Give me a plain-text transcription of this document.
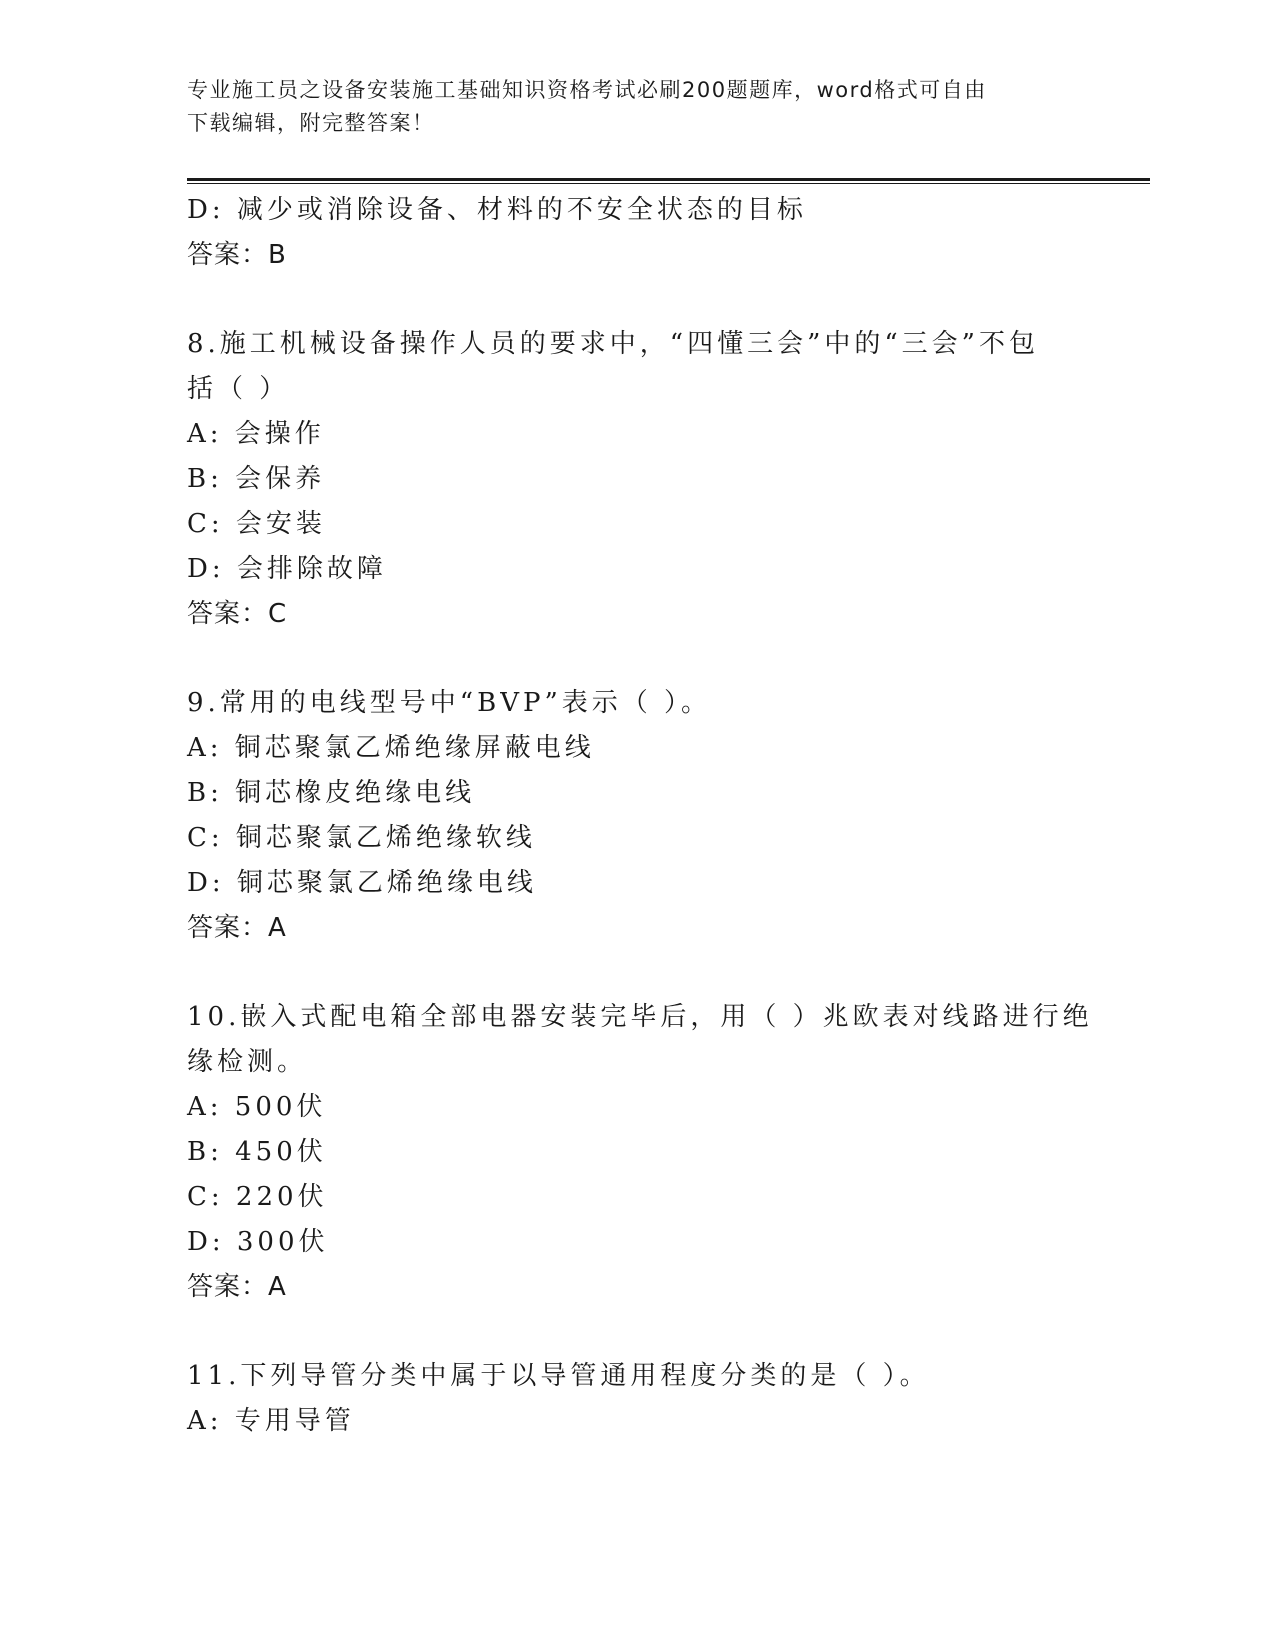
专业施工员之设备安装施工基础知识资格考试必刷200题题库，word格式可自由
下载编辑，附完整答案！
D: 减少或消除设备、材料的不安全状态的目标
答案：B
8.施工机械设备操作人员的要求中，“四懂三会”中的“三会”不包
括（ ）
A: 会操作
B: 会保养
C: 会安装
D: 会排除故障
答案：C
9.常用的电线型号中“BVP”表示（ ）。
A: 铜芯聚氯乙烯绝缘屏蔽电线
B: 铜芯橡皮绝缘电线
C: 铜芯聚氯乙烯绝缘软线
D: 铜芯聚氯乙烯绝缘电线
答案：A
10.嵌入式配电箱全部电器安装完毕后，用（ ）兆欧表对线路进行绝
缘检测。
A: 500伏
B: 450伏
C: 220伏
D: 300伏
答案：A
11.下列导管分类中属于以导管通用程度分类的是（ ）。
A: 专用导管
